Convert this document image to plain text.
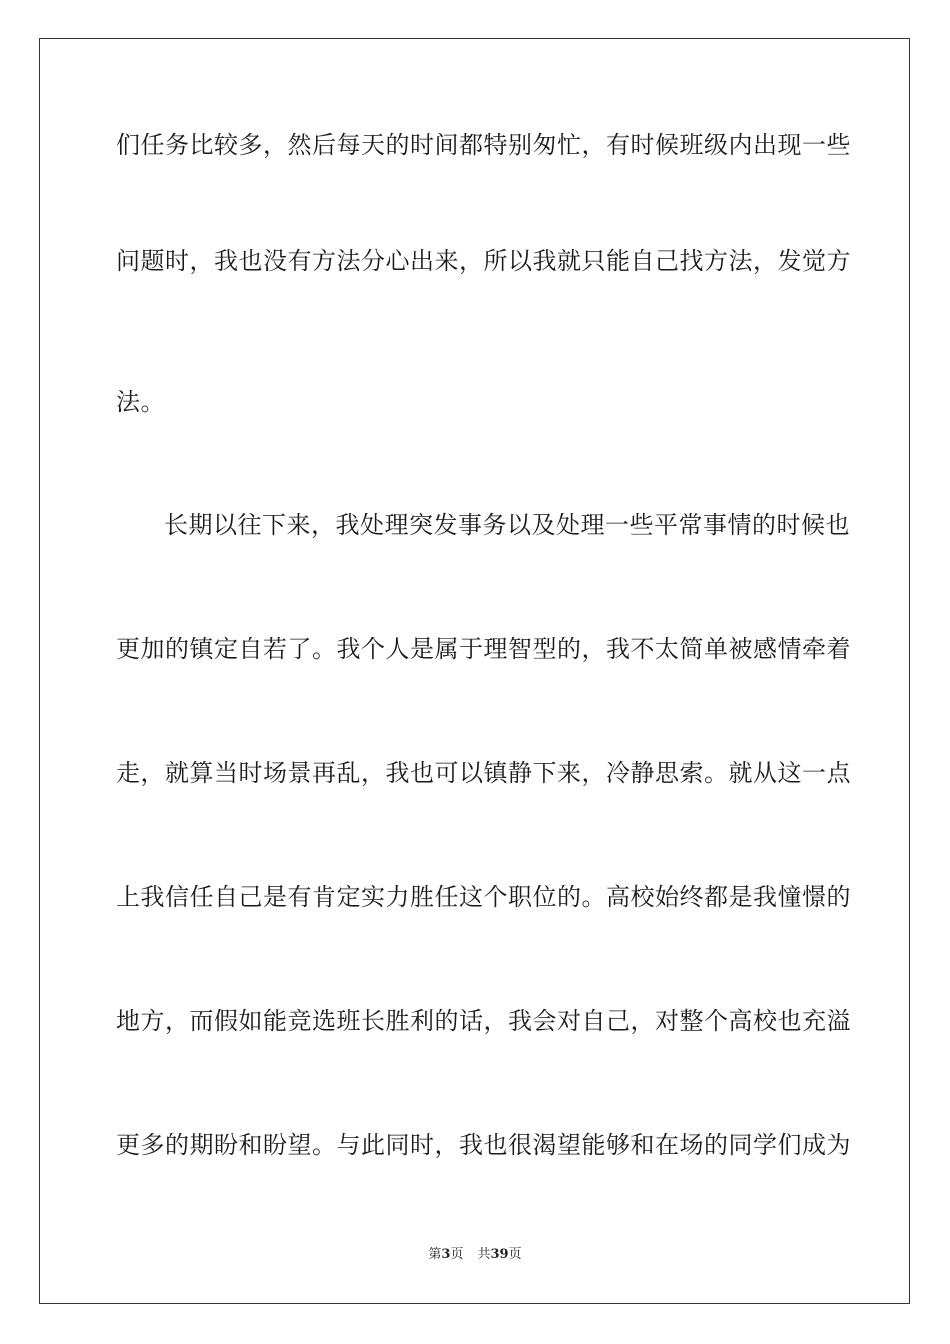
们任务比较多，然后每天的时间都特别匆忙，有时候班级内出现一些
问题时，我也没有方法分心出来，所以我就只能自己找方法，发觉方
法。
长期以往下来，我处理突发事务以及处理一些平常事情的时候也
更加的镇定自若了。我个人是属于理智型的，我不太简单被感情牵着
走，就算当时场景再乱，我也可以镇静下来，冷静思索。就从这一点
上我信任自己是有肯定实力胜任这个职位的。高校始终都是我憧憬的
地方，而假如能竞选班长胜利的话，我会对自己，对整个高校也充溢
更多的期盼和盼望。与此同时，我也很渴望能够和在场的同学们成为
第3页 共39页
